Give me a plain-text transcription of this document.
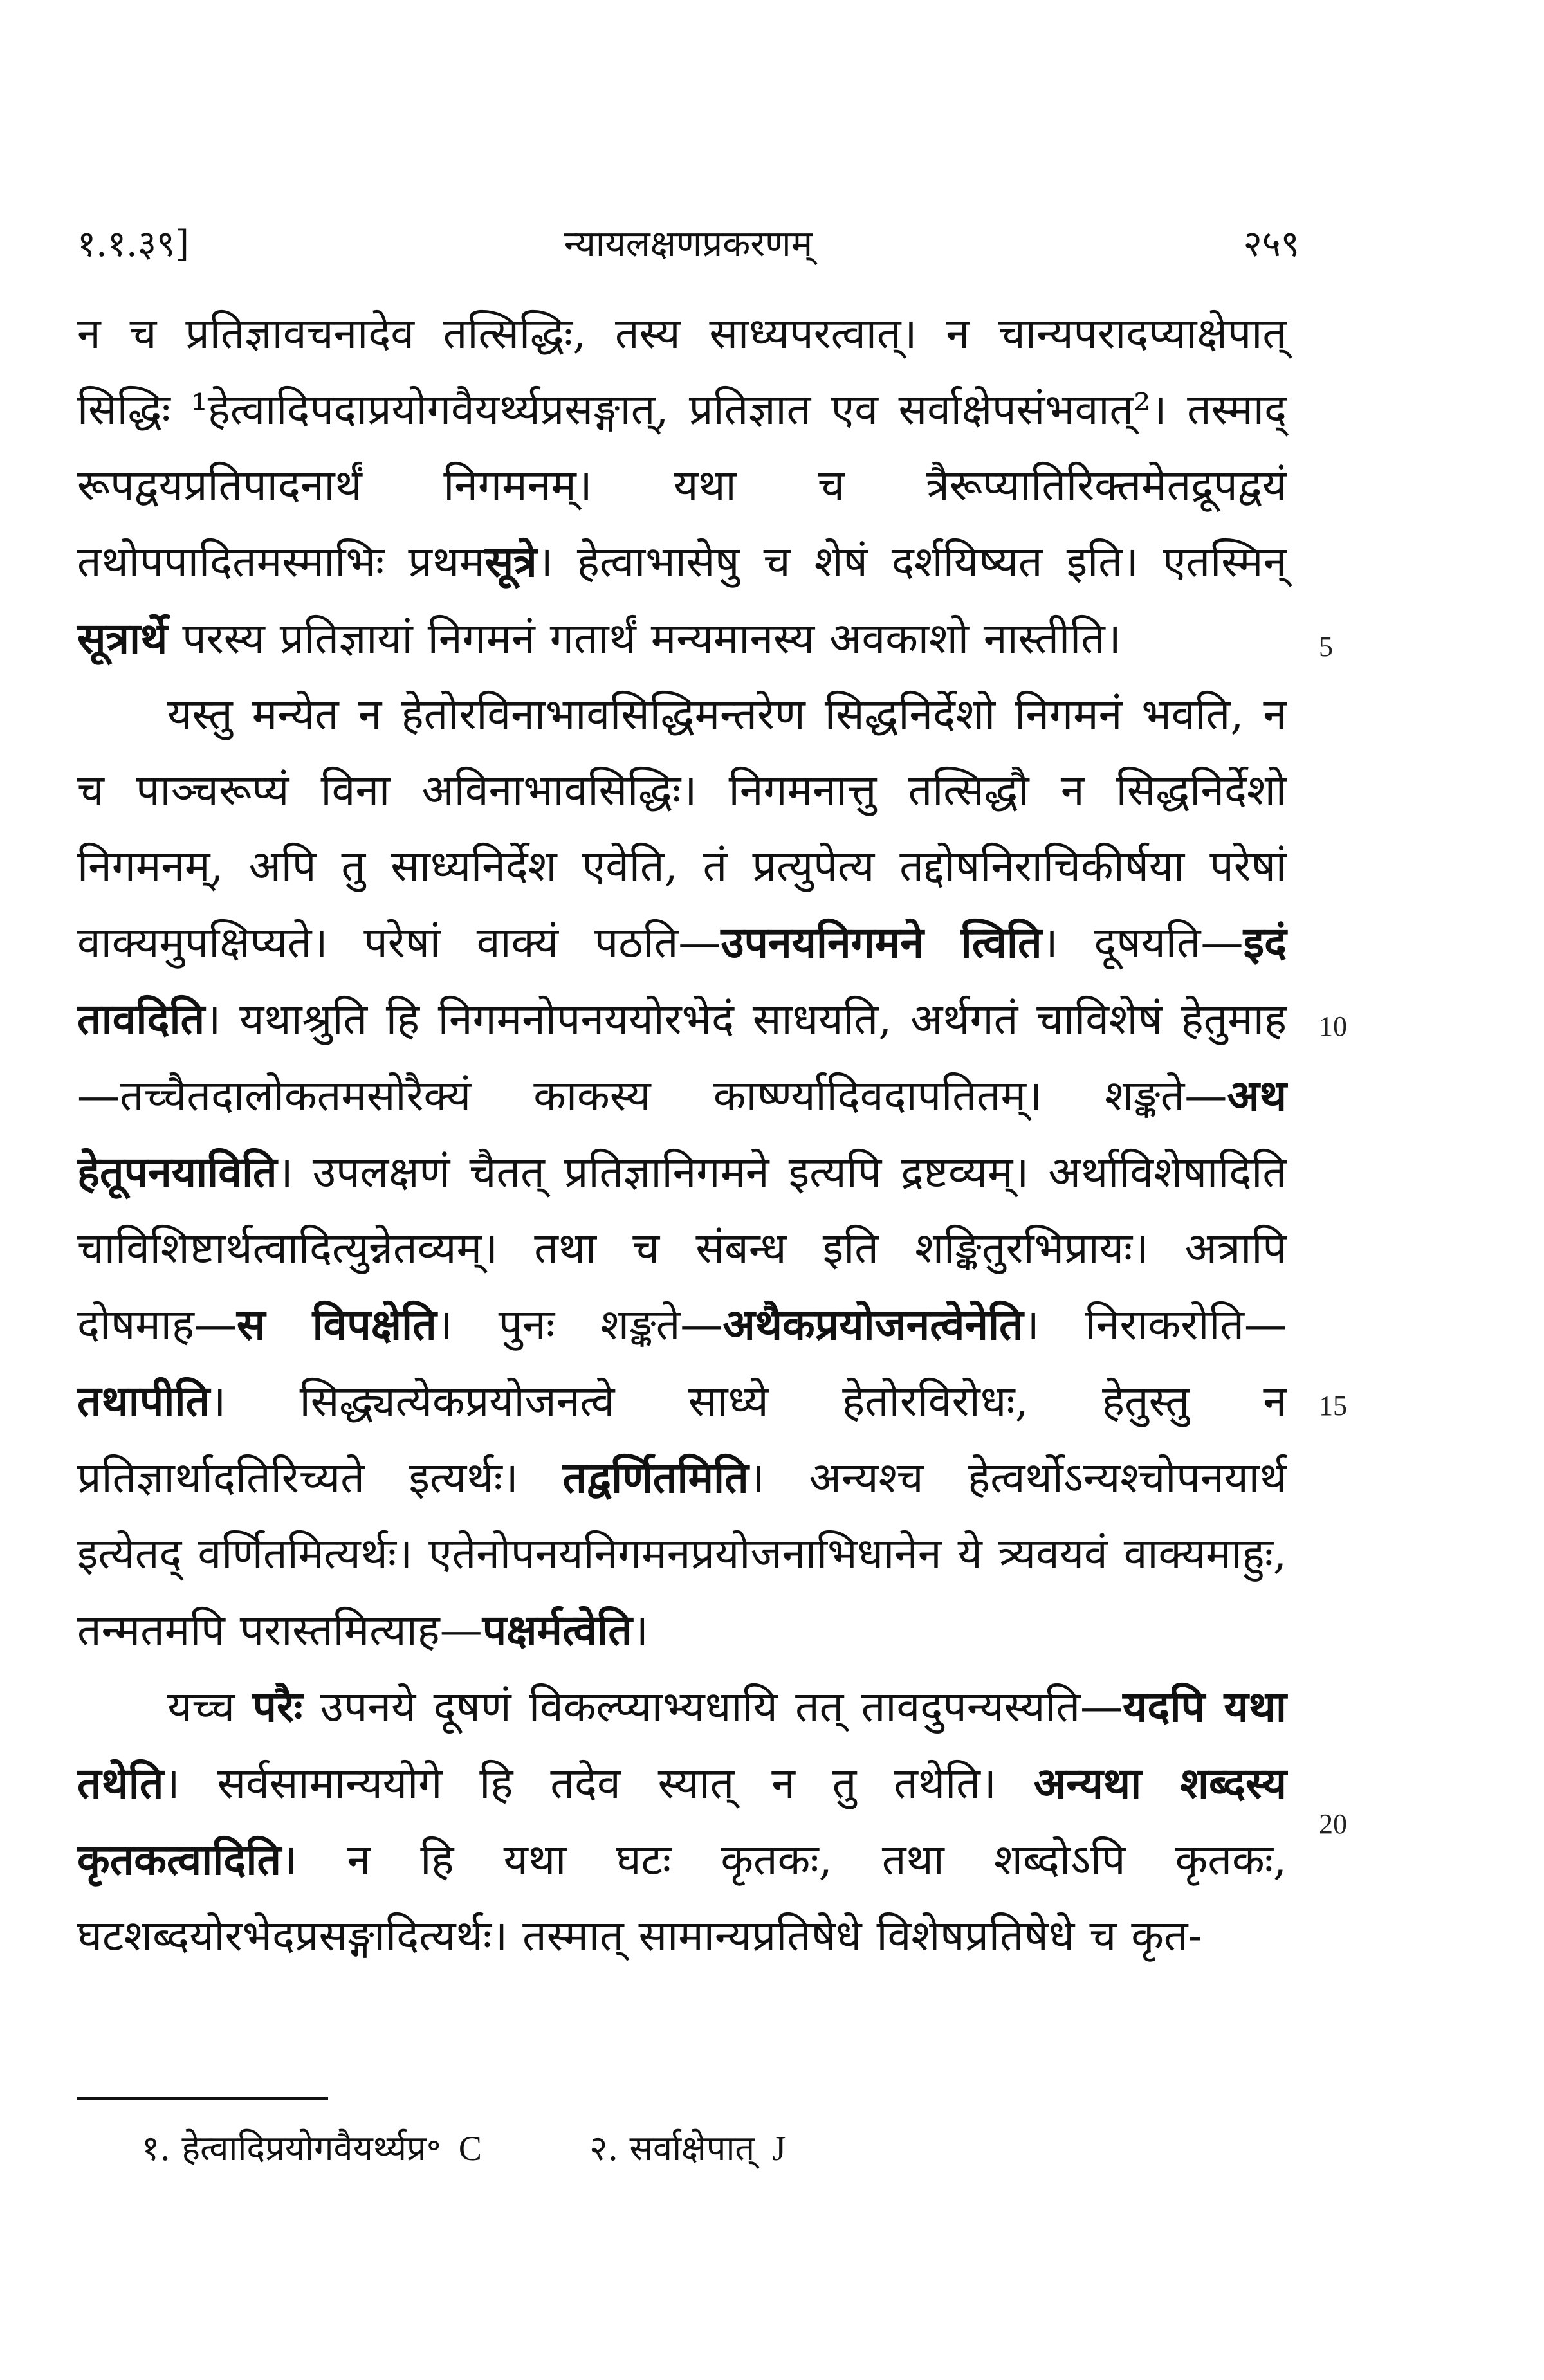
१.१.३९]	न्यायलक्षणप्रकरणम्	२५९

न च प्रतिज्ञावचनादेव तत्सिद्धिः, तस्य साध्यपरत्वात्। न चान्यपरादप्याक्षेपात् सिद्धिः ¹हेत्वादिपदाप्रयोगवैयर्थ्यप्रसङ्गात्, प्रतिज्ञात एव सर्वाक्षेपसंभवात्²। तस्माद् रूपद्वयप्रतिपादनार्थं निगमनम्। यथा च त्रैरूप्यातिरिक्तमेतद्रूपद्वयं तथोपपादितमस्माभिः प्रथमसूत्रे। हेत्वाभासेषु च शेषं दर्शयिष्यत इति। एतस्मिन् सूत्रार्थे परस्य प्रतिज्ञायां निगमनं गतार्थं मन्यमानस्य अवकाशो नास्तीति।

यस्तु मन्येत न हेतोरविनाभावसिद्धिमन्तरेण सिद्धनिर्देशो निगमनं भवति, न च पाञ्चरूप्यं विना अविनाभावसिद्धिः। निगमनात्तु तत्सिद्धौ न सिद्धनिर्देशो निगमनम्, अपि तु साध्यनिर्देश एवेति, तं प्रत्युपेत्य तद्दोषनिराचिकीर्षया परेषां वाक्यमुपक्षिप्यते। परेषां वाक्यं पठति—उपनयनिगमने त्विति। दूषयति—इदं तावदिति। यथाश्रुति हि निगमनोपनययोरभेदं साधयति, अर्थगतं चाविशेषं हेतुमाह—तच्चैतदालोकतमसोरैक्यं काकस्य कार्ष्ण्यादिवदापतितम्। शङ्कते—अथ हेतूपनयाविति। उपलक्षणं चैतत् प्रतिज्ञानिगमने इत्यपि द्रष्टव्यम्। अर्थाविशेषादिति चाविशिष्टार्थत्वादित्युन्नेतव्यम्। तथा च संबन्ध इति शङ्कितुरभिप्रायः। अत्रापि दोषमाह—स विपक्षेति। पुनः शङ्कते—अथैकप्रयोजनत्वेनेति। निराकरोति—तथापीति। सिद्ध्यत्येकप्रयोजनत्वे साध्ये हेतोरविरोधः, हेतुस्तु न प्रतिज्ञार्थादतिरिच्यते इत्यर्थः। तद्वर्णितमिति। अन्यश्च हेत्वर्थोऽन्यश्चोपनयार्थ इत्येतद् वर्णितमित्यर्थः। एतेनोपनयनिगमनप्रयोजनाभिधानेन ये त्र्यवयवं वाक्यमाहुः, तन्मतमपि परास्तमित्याह—पक्षर्मत्वेति।

यच्च परैः उपनये दूषणं विकल्प्याभ्यधायि तत् तावदुपन्यस्यति—यदपि यथा तथेति। सर्वसामान्ययोगे हि तदेव स्यात् न तु तथेति। अन्यथा शब्दस्य कृतकत्वादिति। न हि यथा घटः कृतकः, तथा शब्दोऽपि कृतकः, घटशब्दयोरभेदप्रसङ्गादित्यर्थः। तस्मात् सामान्यप्रतिषेधे विशेषप्रतिषेधे च कृत-

5
10
15
20
१. हेत्वादिप्रयोगवैयर्थ्यप्र॰ C	२. सर्वाक्षेपात् J
